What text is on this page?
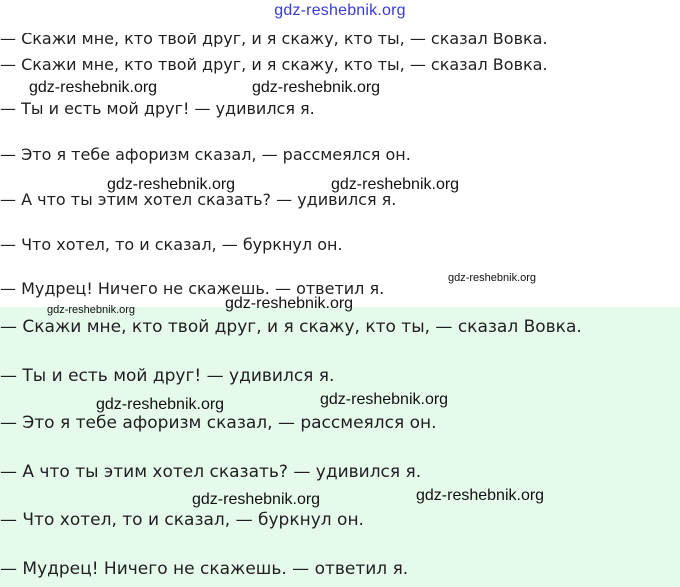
gdz-reshebnik.org
— Скажи мне, кто твой друг, и я скажу, кто ты, — сказал Вовка.
— Скажи мне, кто твой друг, и я скажу, кто ты, — сказал Вовка.
— Ты и есть мой друг! — удивился я.
— Это я тебе афоризм сказал, — рассмеялся он.
— А что ты этим хотел сказать? — удивился я.
— Что хотел, то и сказал, — буркнул он.
— Мудрец! Ничего не скажешь. — ответил я.
— Скажи мне, кто твой друг, и я скажу, кто ты, — сказал Вовка.
— Ты и есть мой друг! — удивился я.
— Это я тебе афоризм сказал, — рассмеялся он.
— А что ты этим хотел сказать? — удивился я.
— Что хотел, то и сказал, — буркнул он.
— Мудрец! Ничего не скажешь. — ответил я.
gdz-reshebnik.org	gdz-reshebnik.org
gdz-reshebnik.org	gdz-reshebnik.org
gdz-reshebnik.org
gdz-reshebnik.org	gdz-reshebnik.org
gdz-reshebnik.org	gdz-reshebnik.org
gdz-reshebnik.org	gdz-reshebnik.org
